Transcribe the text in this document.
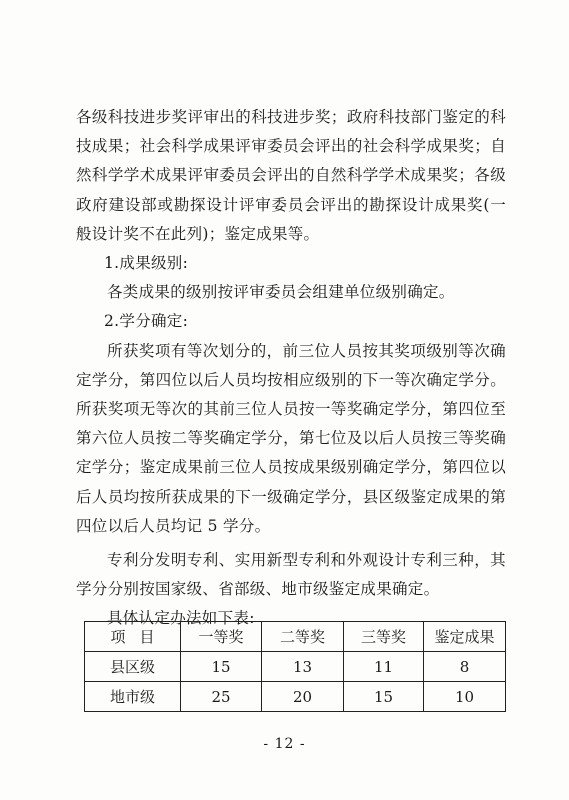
各级科技进步奖评审出的科技进步奖；政府科技部门鉴定的科技成果；社会科学成果评审委员会评出的社会科学成果奖；自然科学学术成果评审委员会评出的自然科学学术成果奖；各级政府建设部或勘探设计评审委员会评出的勘探设计成果奖(一般设计奖不在此列)；鉴定成果等。

1.成果级别:

各类成果的级别按评审委员会组建单位级别确定。

2.学分确定:

所获奖项有等次划分的，前三位人员按其奖项级别等次确定学分，第四位以后人员均按相应级别的下一等次确定学分。所获奖项无等次的其前三位人员按一等奖确定学分，第四位至第六位人员按二等奖确定学分，第七位及以后人员按三等奖确定学分；鉴定成果前三位人员按成果级别确定学分，第四位以后人员均按所获成果的下一级确定学分，县区级鉴定成果的第四位以后人员均记 5 学分。

专利分发明专利、实用新型专利和外观设计专利三种，其学分分别按国家级、省部级、地市级鉴定成果确定。

具体认定办法如下表:

项目	一等奖	二等奖	三等奖	鉴定成果
县区级	15	13	11	8
地市级	25	20	15	10
- 12 -
